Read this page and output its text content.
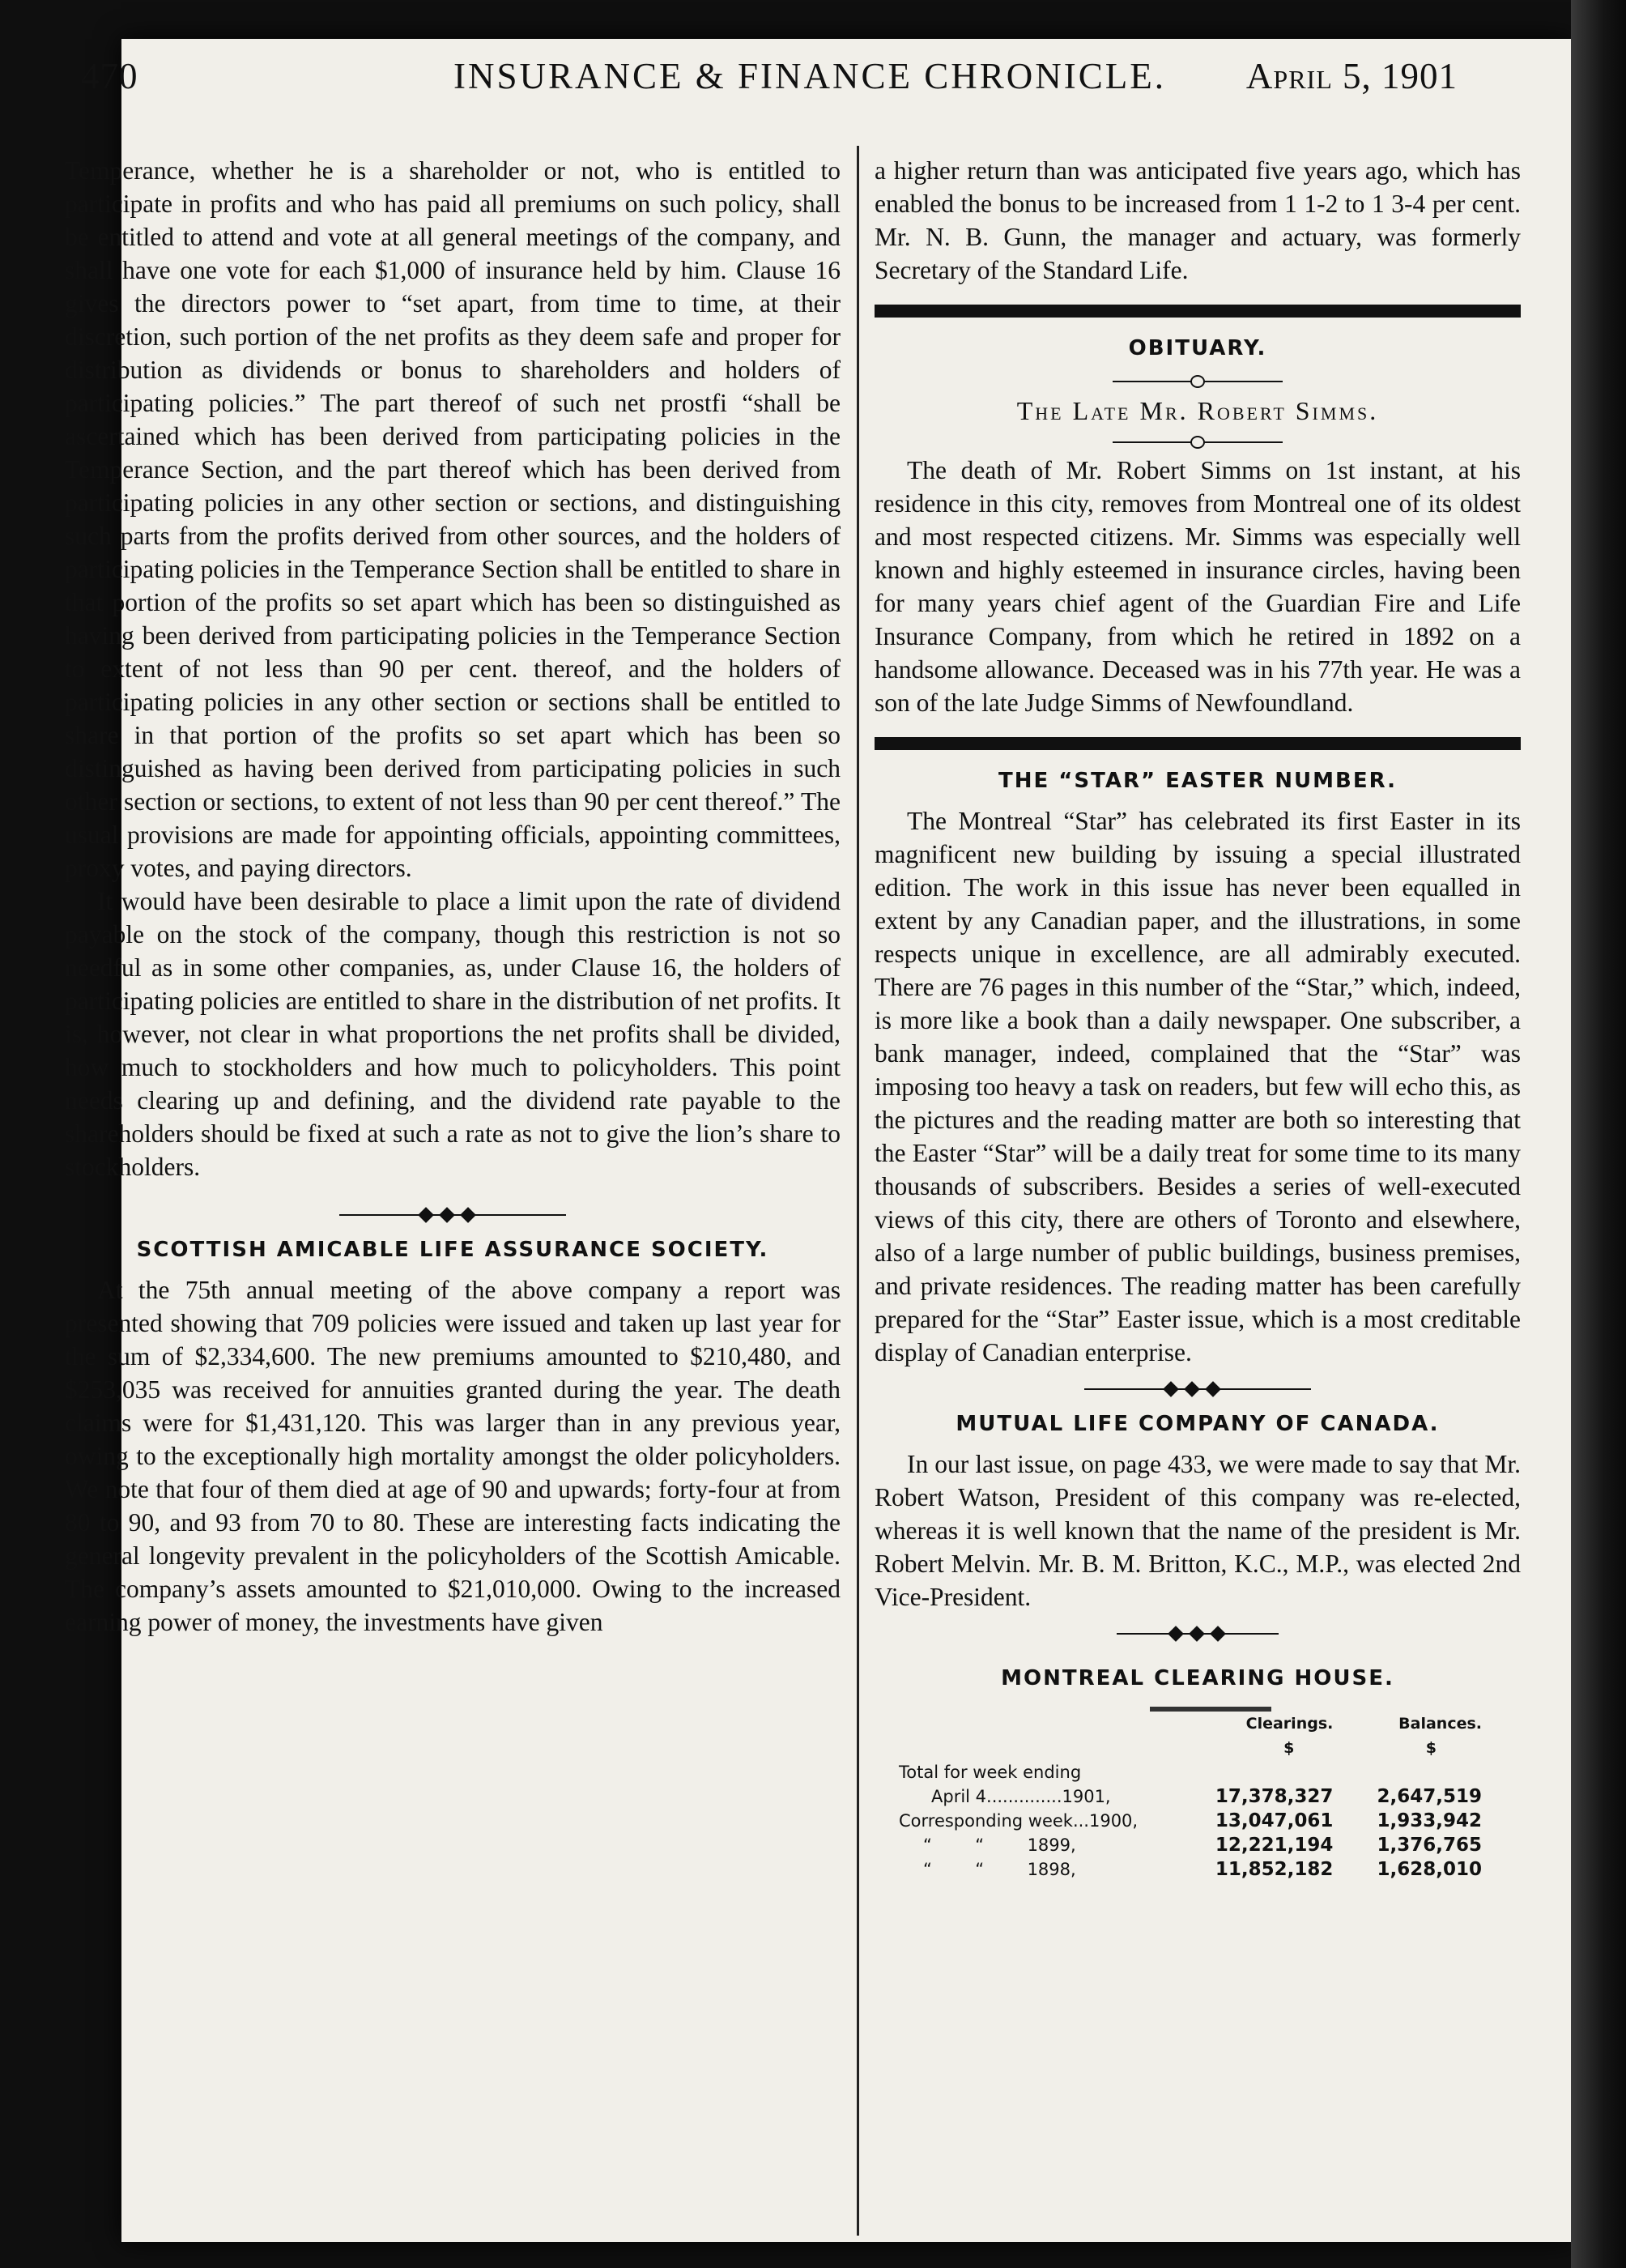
470	INSURANCE & FINANCE CHRONICLE. April 5, 1901

Temperance, whether he is a shareholder or not, who is entitled to participate in profits and who has paid all premiums on such policy, shall be entitled to attend and vote at all general meetings of the company, and shall have one vote for each $1,000 of insurance held by him. Clause 16 gives the directors power to “set apart, from time to time, at their discretion, such portion of the net profits as they deem safe and proper for distribution as dividends or bonus to shareholders and holders of participating policies.” The part thereof of such net prostfi “shall be ascertained which has been derived from participating policies in the Temperance Section, and the part thereof which has been derived from participating policies in any other section or sections, and distinguishing such parts from the profits derived from other sources, and the holders of participating policies in the Temperance Section shall be entitled to share in that portion of the profits so set apart which has been so distinguished as having been derived from participating policies in the Temperance Section to extent of not less than 90 per cent. thereof, and the holders of participating policies in any other section or sections shall be entitled to share in that portion of the profits so set apart which has been so distinguished as having been derived from participating policies in such other section or sections, to extent of not less than 90 per cent thereof.” The usual provisions are made for appointing officials, appointing committees, proxy votes, and paying directors.

It would have been desirable to place a limit upon the rate of dividend payable on the stock of the company, though this restriction is not so needful as in some other companies, as, under Clause 16, the holders of participating policies are entitled to share in the distribution of net profits. It is, however, not clear in what proportions the net profits shall be divided, how much to stockholders and how much to policyholders. This point needs clearing up and defining, and the dividend rate payable to the shareholders should be fixed at such a rate as not to give the lion’s share to stockholders.

SCOTTISH AMICABLE LIFE ASSURANCE SOCIETY.

At the 75th annual meeting of the above company a report was presented showing that 709 policies were issued and taken up last year for the sum of $2,334,600. The new premiums amounted to $210,480, and $253,035 was received for annuities granted during the year. The death claims were for $1,431,120. This was larger than in any previous year, owing to the exceptionally high mortality amongst the older policyholders. We note that four of them died at age of 90 and upwards; forty-four at from 80 to 90, and 93 from 70 to 80. These are interesting facts indicating the general longevity prevalent in the policyholders of the Scottish Amicable. The company’s assets amounted to $21,010,000. Owing to the increased earning power of money, the investments have given

a higher return than was anticipated five years ago, which has enabled the bonus to be increased from 1 1-2 to 1 3-4 per cent. Mr. N. B. Gunn, the manager and actuary, was formerly Secretary of the Standard Life.

OBITUARY.
The Late Mr. Robert Simms.

The death of Mr. Robert Simms on 1st instant, at his residence in this city, removes from Montreal one of its oldest and most respected citizens. Mr. Simms was especially well known and highly esteemed in insurance circles, having been for many years chief agent of the Guardian Fire and Life Insurance Company, from which he retired in 1892 on a handsome allowance. Deceased was in his 77th year. He was a son of the late Judge Simms of Newfoundland.

THE “STAR” EASTER NUMBER.

The Montreal “Star” has celebrated its first Easter in its magnificent new building by issuing a special illustrated edition. The work in this issue has never been equalled in extent by any Canadian paper, and the illustrations, in some respects unique in excellence, are all admirably executed. There are 76 pages in this number of the “Star,” which, indeed, is more like a book than a daily newspaper. One subscriber, a bank manager, indeed, complained that the “Star” was imposing too heavy a task on readers, but few will echo this, as the pictures and the reading matter are both so interesting that the Easter “Star” will be a daily treat for some time to its many thousands of subscribers. Besides a series of well-executed views of this city, there are others of Toronto and elsewhere, also of a large number of public buildings, business premises, and private residences. The reading matter has been carefully prepared for the “Star” Easter issue, which is a most creditable display of Canadian enterprise.

MUTUAL LIFE COMPANY OF CANADA.

In our last issue, on page 433, we were made to say that Mr. Robert Watson, President of this company was re-elected, whereas it is well known that the name of the president is Mr. Robert Melvin. Mr. B. M. Britton, K.C., M.P., was elected 2nd Vice-President.

MONTREAL CLEARING HOUSE.
	Clearings.	Balances.
	$	$
Total for week ending		
April 4..............1901,	17,378,327	2,647,519
Corresponding week...1900,	13,047,061	1,933,942
“        “        1899,	12,221,194	1,376,765
“        “        1898,	11,852,182	1,628,010
